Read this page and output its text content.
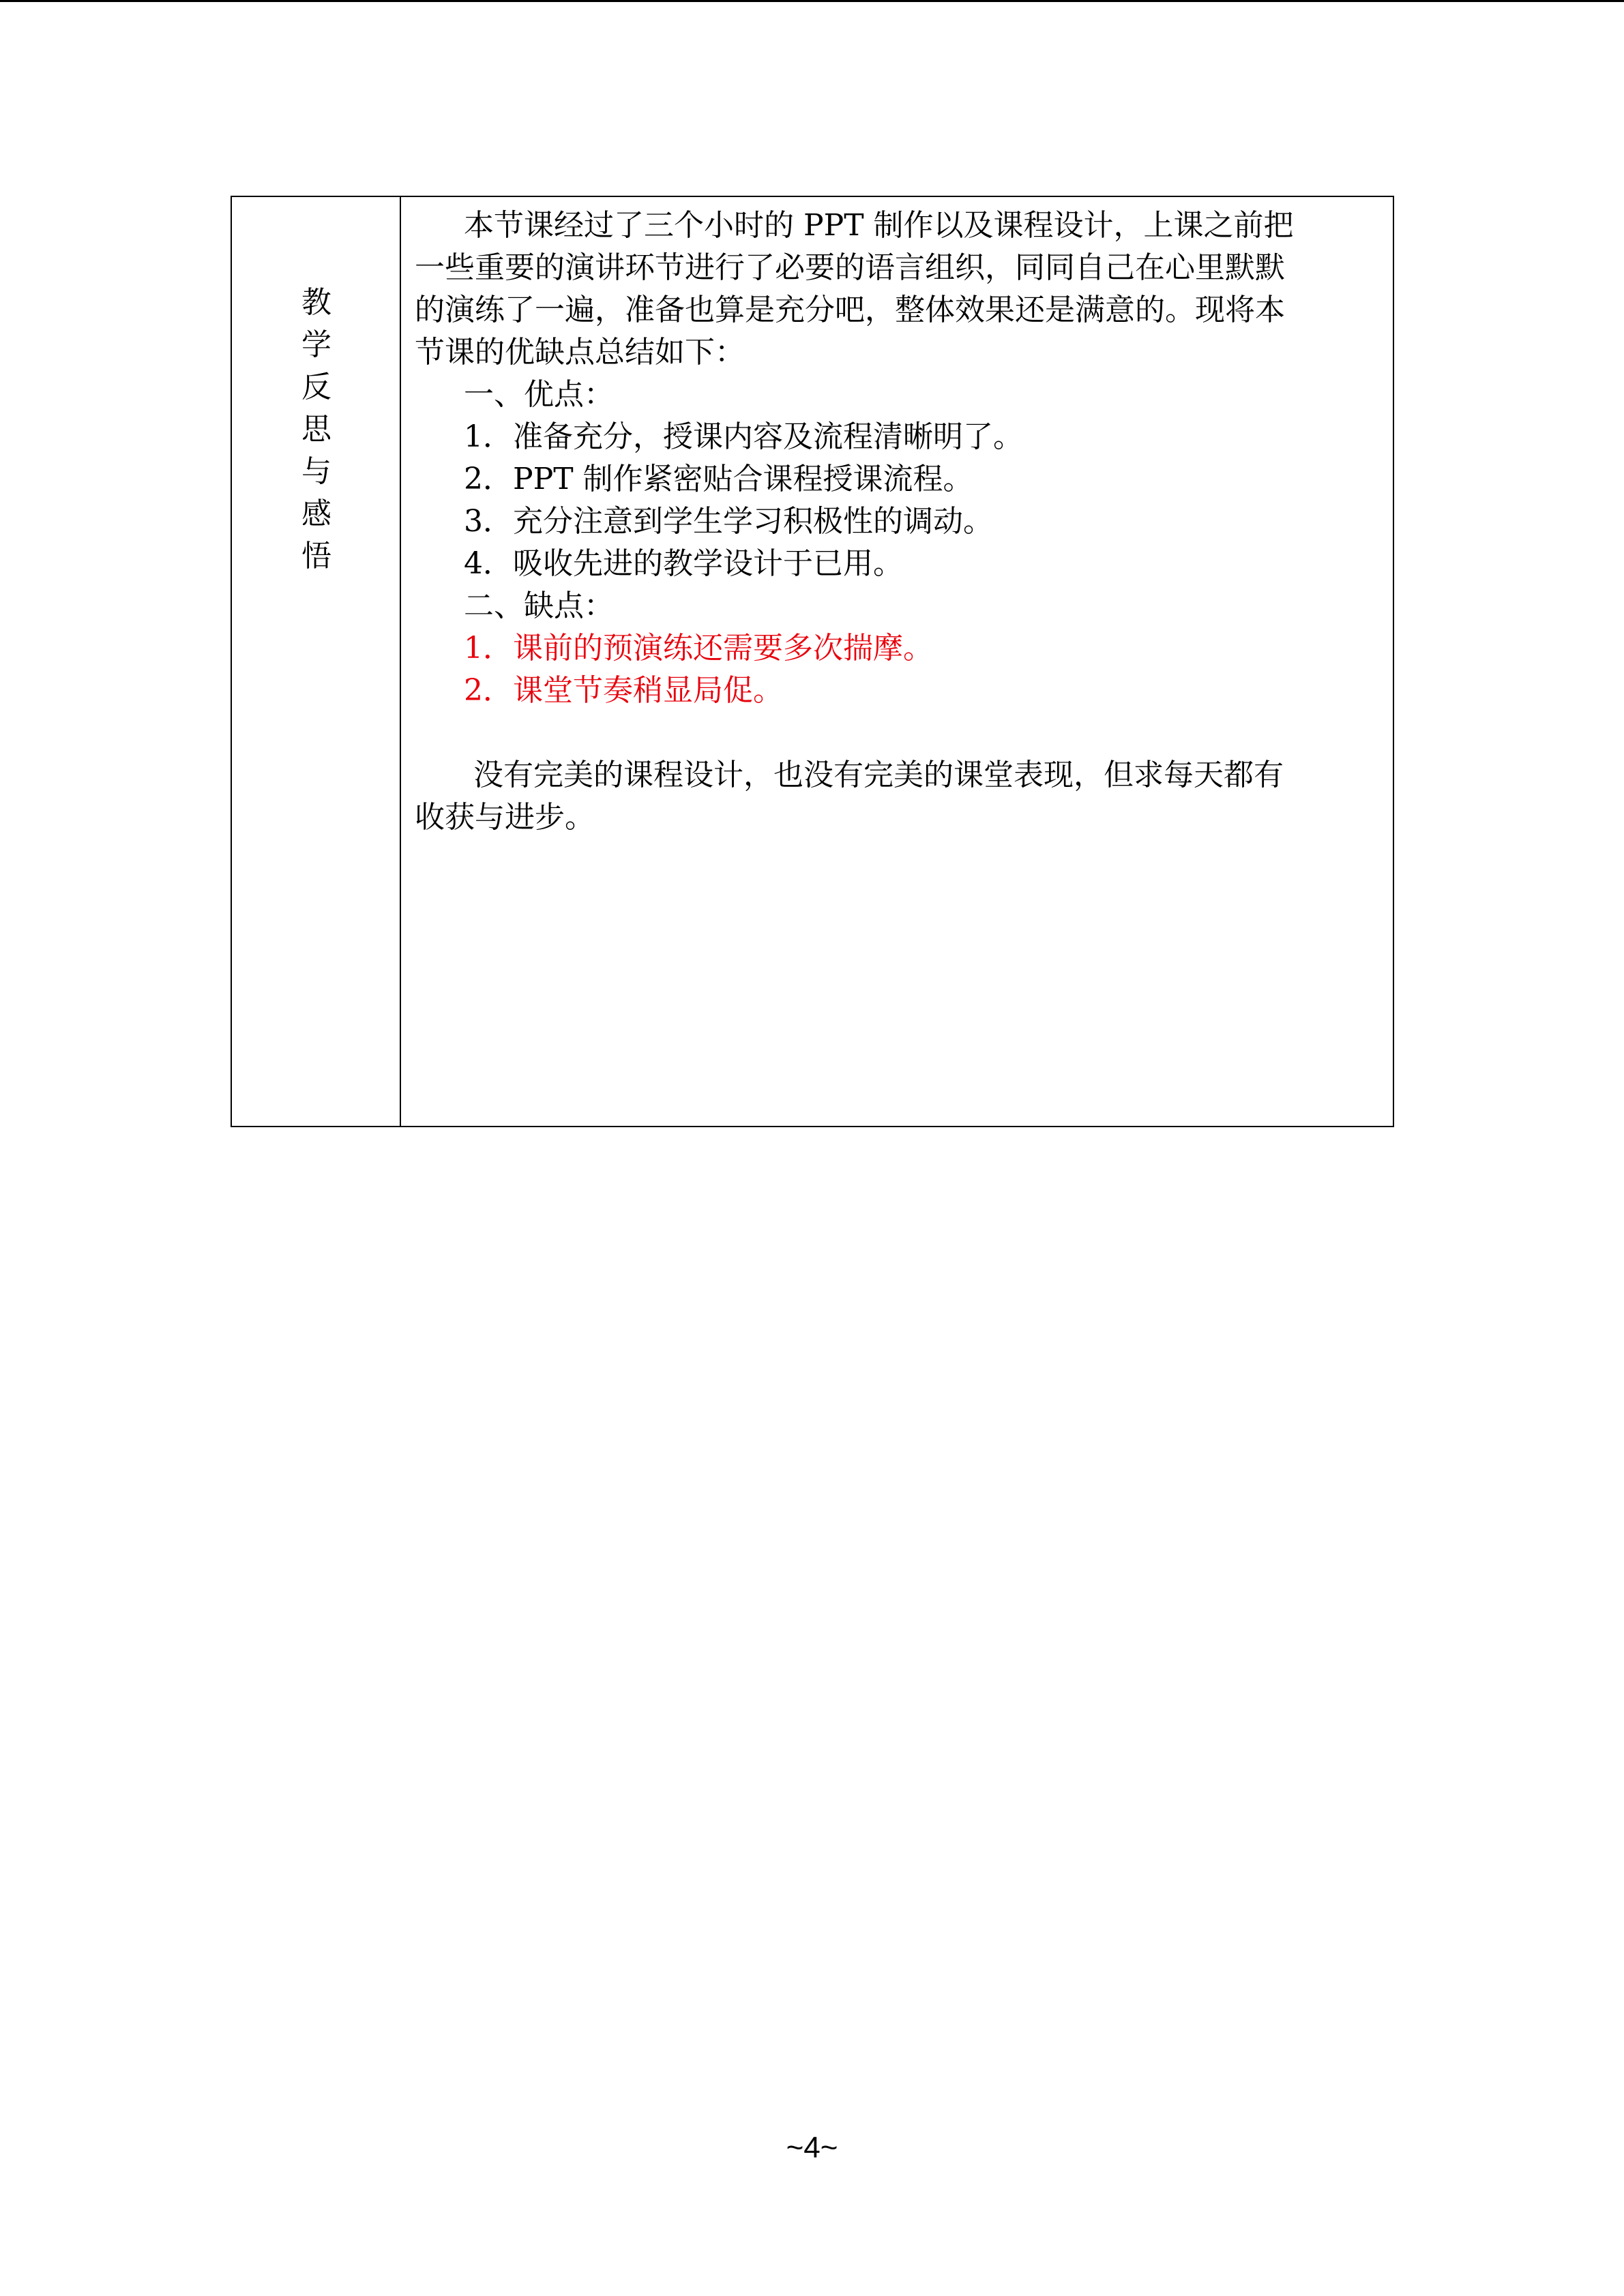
教
学
反
思
与
感
悟
本节课经过了三个小时的 PPT 制作以及课程设计，上课之前把
一些重要的演讲环节进行了必要的语言组织，同同自己在心里默默
的演练了一遍，准备也算是充分吧，整体效果还是满意的。现将本
节课的优缺点总结如下：
一、优点：
1．准备充分，授课内容及流程清晰明了。
2．PPT 制作紧密贴合课程授课流程。
3．充分注意到学生学习积极性的调动。
4．吸收先进的教学设计于已用。
二、缺点：
1．课前的预演练还需要多次揣摩。
2．课堂节奏稍显局促。
没有完美的课程设计，也没有完美的课堂表现，但求每天都有
收获与进步。
~4~
